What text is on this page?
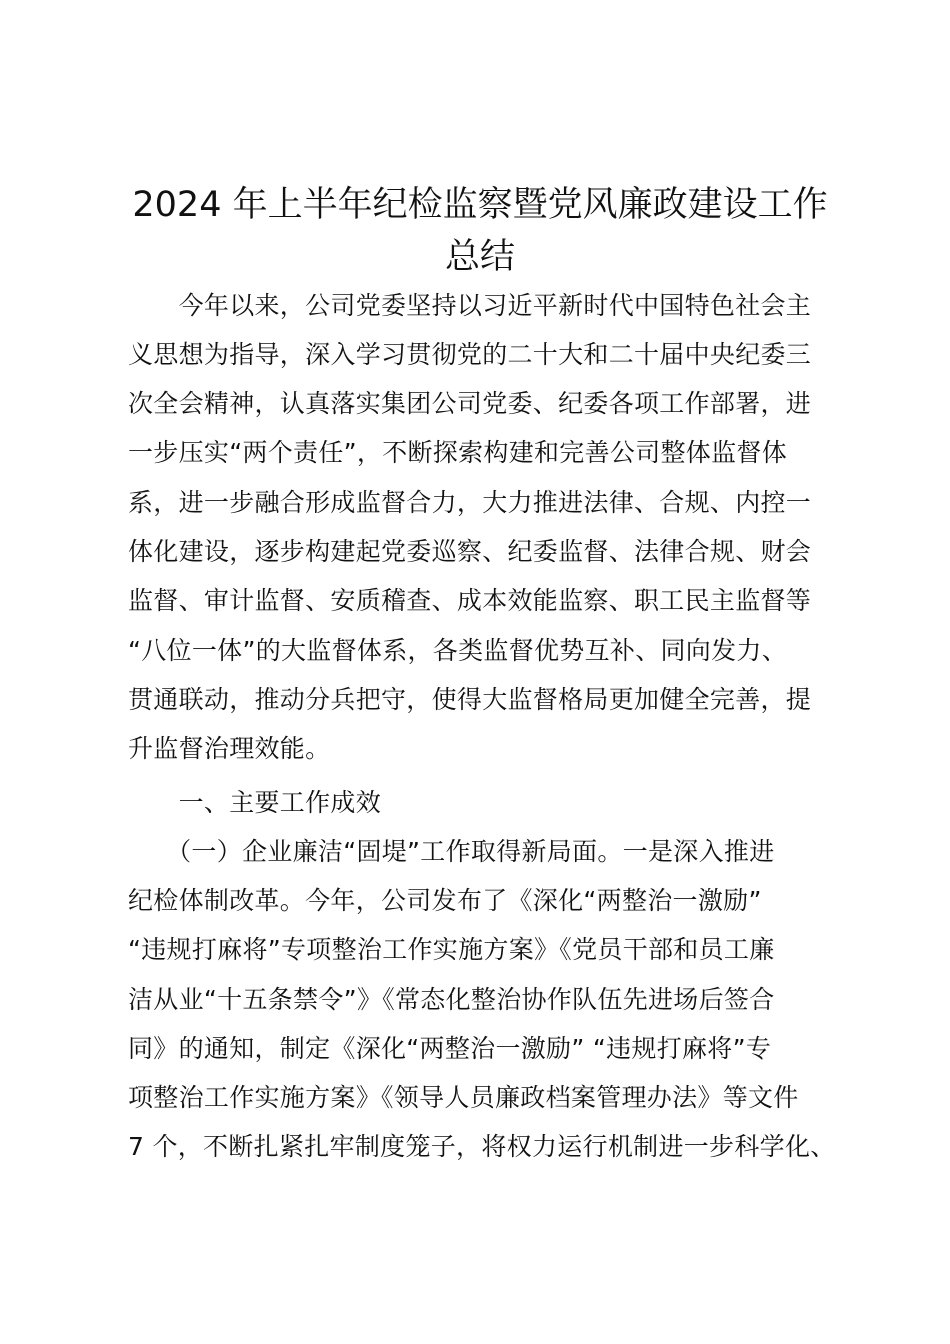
2024 年上半年纪检监察暨党风廉政建设工作
总结
　　今年以来，公司党委坚持以习近平新时代中国特色社会主
义思想为指导，深入学习贯彻党的二十大和二十届中央纪委三
次全会精神，认真落实集团公司党委、纪委各项工作部署，进
一步压实“两个责任”，不断探索构建和完善公司整体监督体
系，进一步融合形成监督合力，大力推进法律、合规、内控一
体化建设，逐步构建起党委巡察、纪委监督、法律合规、财会
监督、审计监督、安质稽查、成本效能监察、职工民主监督等
“八位一体”的大监督体系，各类监督优势互补、同向发力、
贯通联动，推动分兵把守，使得大监督格局更加健全完善，提
升监督治理效能。
　　一、主要工作成效
　　（一）企业廉洁“固堤”工作取得新局面。一是深入推进
纪检体制改革。今年，公司发布了《深化“两整治一激励”
“违规打麻将”专项整治工作实施方案》《党员干部和员工廉
洁从业“十五条禁令”》《常态化整治协作队伍先进场后签合
同》的通知，制定《深化“两整治一激励” “违规打麻将”专
项整治工作实施方案》《领导人员廉政档案管理办法》等文件
7 个，不断扎紧扎牢制度笼子，将权力运行机制进一步科学化、
